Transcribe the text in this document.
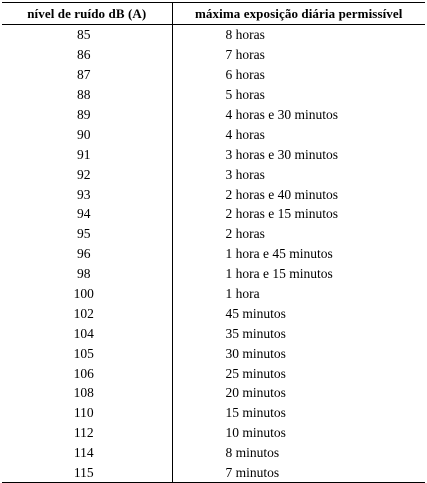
nível de ruído dB (A)	máxima exposição diária permissível
85	8 horas
86	7 horas
87	6 horas
88	5 horas
89	4 horas e 30 minutos
90	4 horas
91	3 horas e 30 minutos
92	3 horas
93	2 horas e 40 minutos
94	2 horas e 15 minutos
95	2 horas
96	1 hora e 45 minutos
98	1 hora e 15 minutos
100	1 hora
102	45 minutos
104	35 minutos
105	30 minutos
106	25 minutos
108	20 minutos
110	15 minutos
112	10 minutos
114	8 minutos
115	7 minutos
